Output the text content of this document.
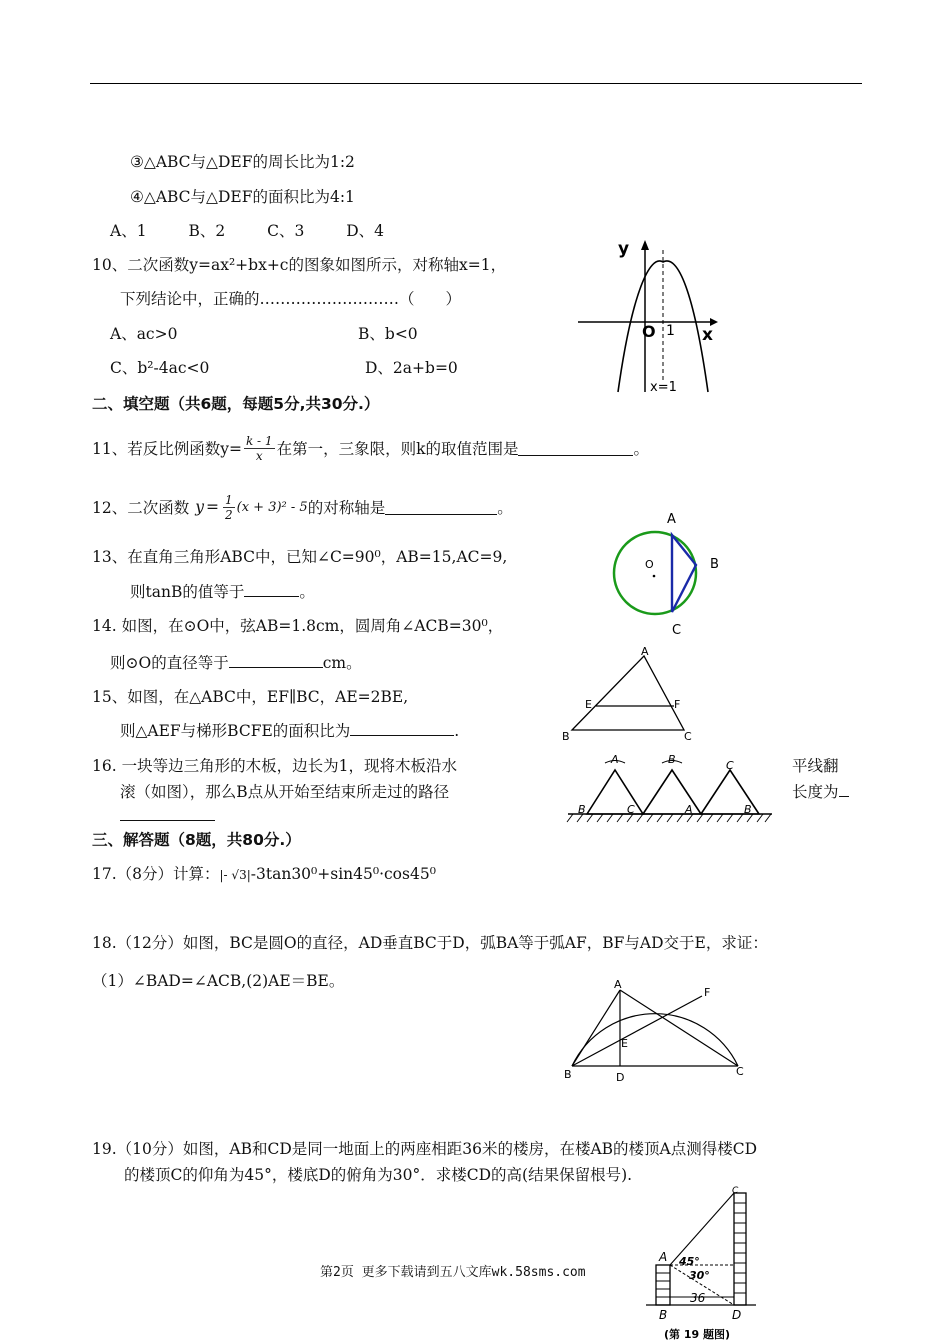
③△ABC与△DEF的周长比为1:2
④△ABC与△DEF的面积比为4:1
A、1	B、2	C、3	D、4
10、二次函数y=ax²+bx+c的图象如图所示，对称轴x=1，
下列结论中，正确的………………………（　　）
A、ac>0	B、b<0
C、b²-4ac<0	D、2a+b=0
y
x
O 1
x=1
二、填空题（共6题，每题5分,共30分.）
11、若反比例函数$y= \frac{k - 1}{x}$ 在第一，三象限，则k的取值范围是	。
12、二次函数 $y = \frac{1}{2} (x + 3)^2 - 5$ 的对称轴是	。
13、在直角三角形ABC中，已知∠C=90⁰，AB=15,AC=9,
则tanB的值等于	。
A
B
C
O
14. 如图，在⊙O中，弦AB=1.8cm，圆周角∠ACB=30⁰，
则⊙O的直径等于	cm。
15、如图，在△ABC中，EF∥BC，AE=2BE,
则△AEF与梯形BCFE的面积比为	.
A
B	C
E	F
16. 一块等边三角形的木板，边长为1，现将木板沿水	平线翻
滚（如图），那么B点从开始至结束所走过的路径	长度为
A	B	C
B	C	A	B
三、解答题（8题，共80分.）
17.（8分）计算：|- √3|-3tan30⁰+sin45⁰·cos45⁰
18.（12分）如图，BC是圆O的直径，AD垂直BC于D，弧BA等于弧AF，BF与AD交于E，求证：
（1）∠BAD=∠ACB,(2)AE＝BE。	A
F
E
B	D	C
19.（10分）如图，AB和CD是同一地面上的两座相距36米的楼房，在楼AB的楼顶A点测得楼CD
的楼顶C的仰角为45°，楼底D的俯角为30°．求楼CD的高(结果保留根号).
A 45°
30°
36
B	D
C
(第 19 题图)
第2页 更多下载请到五八文库wk.58sms.com
